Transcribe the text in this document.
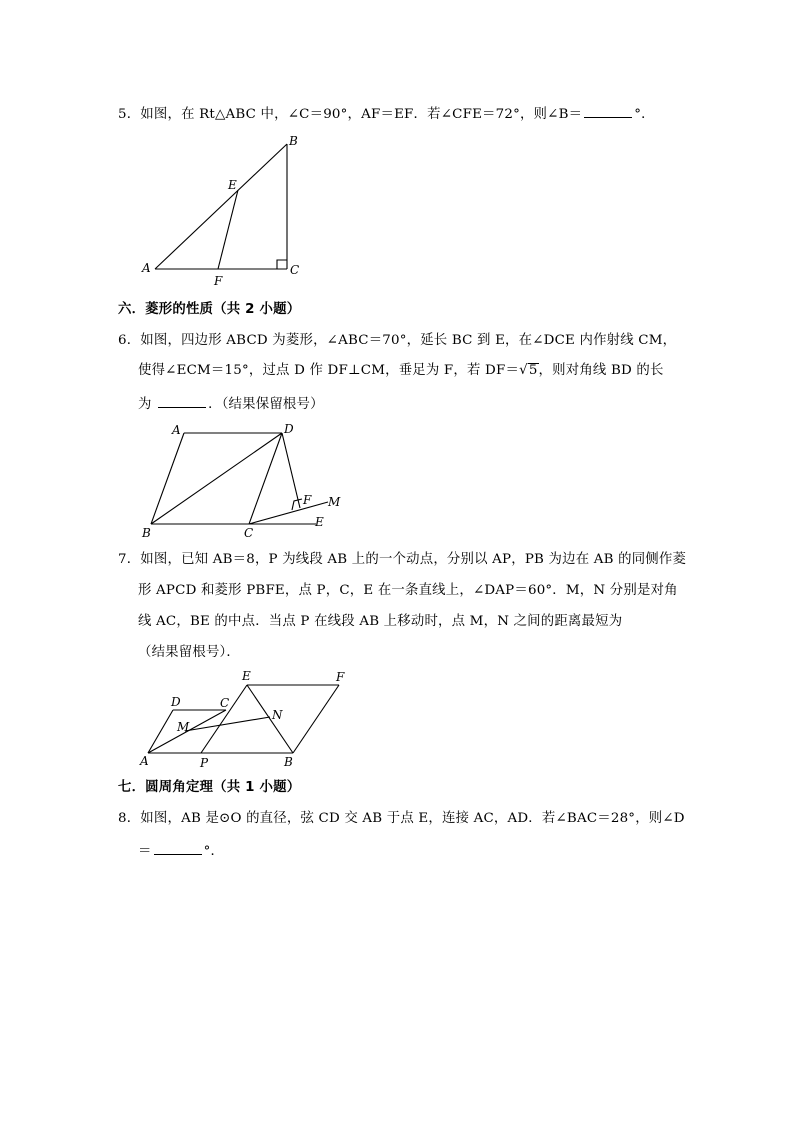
5．如图，在 Rt△ABC 中，∠C＝90°，AF＝EF．若∠CFE＝72°，则∠B＝	°．
A
B
C
E
F
六．菱形的性质（共 2 小题）
6．如图，四边形 ABCD 为菱形，∠ABC＝70°，延长 BC 到 E，在∠DCE 内作射线 CM，
使得∠ECM＝15°，过点 D 作 DF⊥CM，垂足为 F，若 DF＝√5，则对角线 BD 的长
为	．（结果保留根号）
A	D
B	C
E
F M
7．如图，已知 AB＝8，P 为线段 AB 上的一个动点，分别以 AP，PB 为边在 AB 的同侧作菱
形 APCD 和菱形 PBFE，点 P，C，E 在一条直线上，∠DAP＝60°．M，N 分别是对角
线 AC，BE 的中点．当点 P 在线段 AB 上移动时，点 M，N 之间的距离最短为
（结果留根号）．
A	B
P
D	C
E	F
M
N
七．圆周角定理（共 1 小题）
8．如图，AB 是⊙O 的直径，弦 CD 交 AB 于点 E，连接 AC，AD．若∠BAC＝28°，则∠D
＝	°．
